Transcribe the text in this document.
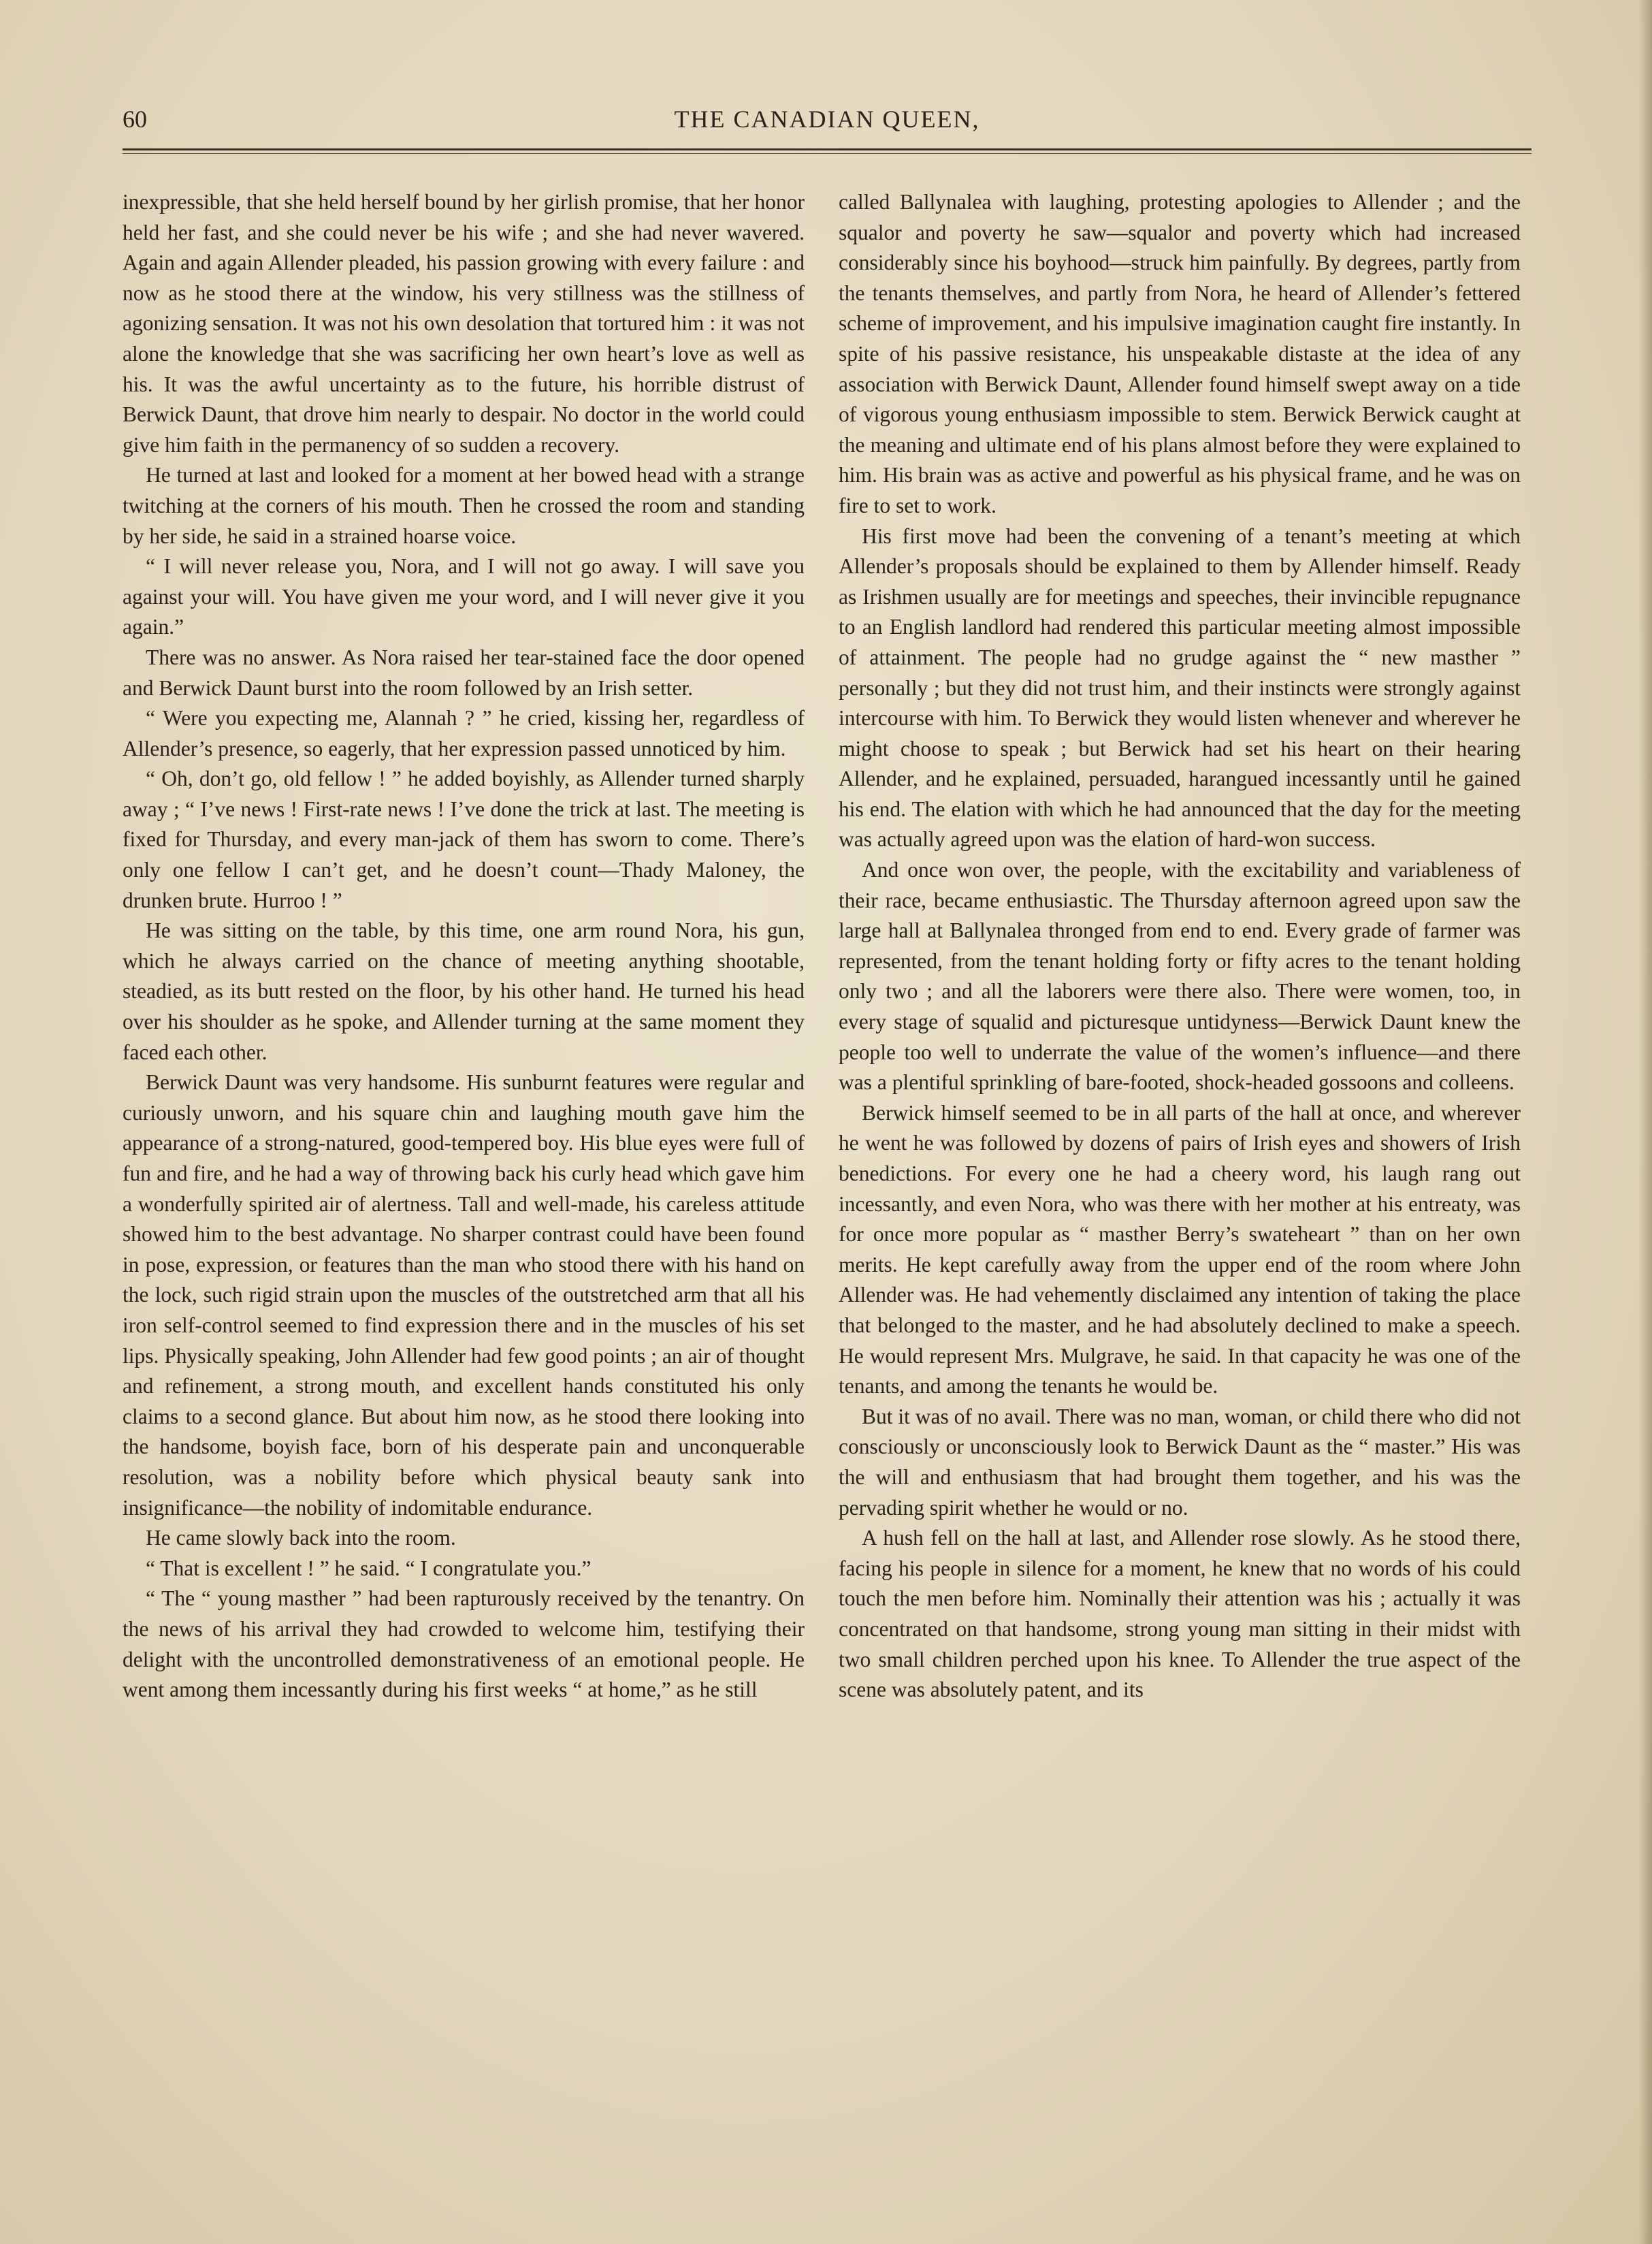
60	THE CANADIAN QUEEN,

inexpressible, that she held herself bound by her girlish promise, that her honor held her fast, and she could never be his wife ; and she had never wavered. Again and again Allender pleaded, his passion growing with every failure : and now as he stood there at the window, his very stillness was the stillness of agonizing sensation. It was not his own desolation that tortured him : it was not alone the knowledge that she was sacrificing her own heart’s love as well as his. It was the awful uncertainty as to the future, his horrible distrust of Berwick Daunt, that drove him nearly to despair. No doctor in the world could give him faith in the permanency of so sudden a recovery.

He turned at last and looked for a moment at her bowed head with a strange twitching at the corners of his mouth. Then he crossed the room and standing by her side, he said in a strained hoarse voice.

“ I will never release you, Nora, and I will not go away. I will save you against your will. You have given me your word, and I will never give it you again.”

There was no answer. As Nora raised her tear-stained face the door opened and Berwick Daunt burst into the room followed by an Irish setter.

“ Were you expecting me, Alannah ? ” he cried, kissing her, regardless of Allender’s presence, so eagerly, that her expression passed unnoticed by him.

“ Oh, don’t go, old fellow ! ” he added boyishly, as Allender turned sharply away ; “ I’ve news ! First-rate news ! I’ve done the trick at last. The meeting is fixed for Thursday, and every man-jack of them has sworn to come. There’s only one fellow I can’t get, and he doesn’t count—Thady Maloney, the drunken brute. Hurroo ! ”

He was sitting on the table, by this time, one arm round Nora, his gun, which he always carried on the chance of meeting anything shootable, steadied, as its butt rested on the floor, by his other hand. He turned his head over his shoulder as he spoke, and Allender turning at the same moment they faced each other.

Berwick Daunt was very handsome. His sunburnt features were regular and curiously unworn, and his square chin and laughing mouth gave him the appearance of a strong-natured, good-tempered boy. His blue eyes were full of fun and fire, and he had a way of throwing back his curly head which gave him a wonderfully spirited air of alertness. Tall and well-made, his careless attitude showed him to the best advantage. No sharper contrast could have been found in pose, expression, or features than the man who stood there with his hand on the lock, such rigid strain upon the muscles of the outstretched arm that all his iron self-control seemed to find expression there and in the muscles of his set lips. Physically speaking, John Allender had few good points ; an air of thought and refinement, a strong mouth, and excellent hands constituted his only claims to a second glance. But about him now, as he stood there looking into the handsome, boyish face, born of his desperate pain and unconquerable resolution, was a nobility before which physical beauty sank into insignificance—the nobility of indomitable endurance.

He came slowly back into the room.

“ That is excellent ! ” he said. “ I congratulate you.”

“ The “ young masther ” had been rapturously received by the tenantry. On the news of his arrival they had crowded to welcome him, testifying their delight with the uncontrolled demonstrativeness of an emotional people. He went among them incessantly during his first weeks “ at home,” as he still

called Ballynalea with laughing, protesting apologies to Allender ; and the squalor and poverty he saw—squalor and poverty which had increased considerably since his boyhood—struck him painfully. By degrees, partly from the tenants themselves, and partly from Nora, he heard of Allender’s fettered scheme of improvement, and his impulsive imagination caught fire instantly. In spite of his passive resistance, his unspeakable distaste at the idea of any association with Berwick Daunt, Allender found himself swept away on a tide of vigorous young enthusiasm impossible to stem. Berwick Berwick caught at the meaning and ultimate end of his plans almost before they were explained to him. His brain was as active and powerful as his physical frame, and he was on fire to set to work.

His first move had been the convening of a tenant’s meeting at which Allender’s proposals should be explained to them by Allender himself. Ready as Irishmen usually are for meetings and speeches, their invincible repugnance to an English landlord had rendered this particular meeting almost impossible of attainment. The people had no grudge against the “ new masther ” personally ; but they did not trust him, and their instincts were strongly against intercourse with him. To Berwick they would listen whenever and wherever he might choose to speak ; but Berwick had set his heart on their hearing Allender, and he explained, persuaded, harangued incessantly until he gained his end. The elation with which he had announced that the day for the meeting was actually agreed upon was the elation of hard-won success.

And once won over, the people, with the excitability and variableness of their race, became enthusiastic. The Thursday afternoon agreed upon saw the large hall at Ballynalea thronged from end to end. Every grade of farmer was represented, from the tenant holding forty or fifty acres to the tenant holding only two ; and all the laborers were there also. There were women, too, in every stage of squalid and picturesque untidyness—Berwick Daunt knew the people too well to underrate the value of the women’s influence—and there was a plentiful sprinkling of bare-footed, shock-headed gossoons and colleens.

Berwick himself seemed to be in all parts of the hall at once, and wherever he went he was followed by dozens of pairs of Irish eyes and showers of Irish benedictions. For every one he had a cheery word, his laugh rang out incessantly, and even Nora, who was there with her mother at his entreaty, was for once more popular as “ masther Berry’s swateheart ” than on her own merits. He kept carefully away from the upper end of the room where John Allender was. He had vehemently disclaimed any intention of taking the place that belonged to the master, and he had absolutely declined to make a speech. He would represent Mrs. Mulgrave, he said. In that capacity he was one of the tenants, and among the tenants he would be.

But it was of no avail. There was no man, woman, or child there who did not consciously or unconsciously look to Berwick Daunt as the “ master.” His was the will and enthusiasm that had brought them together, and his was the pervading spirit whether he would or no.

A hush fell on the hall at last, and Allender rose slowly. As he stood there, facing his people in silence for a moment, he knew that no words of his could touch the men before him. Nominally their attention was his ; actually it was concentrated on that handsome, strong young man sitting in their midst with two small children perched upon his knee. To Allender the true aspect of the scene was absolutely patent, and its
